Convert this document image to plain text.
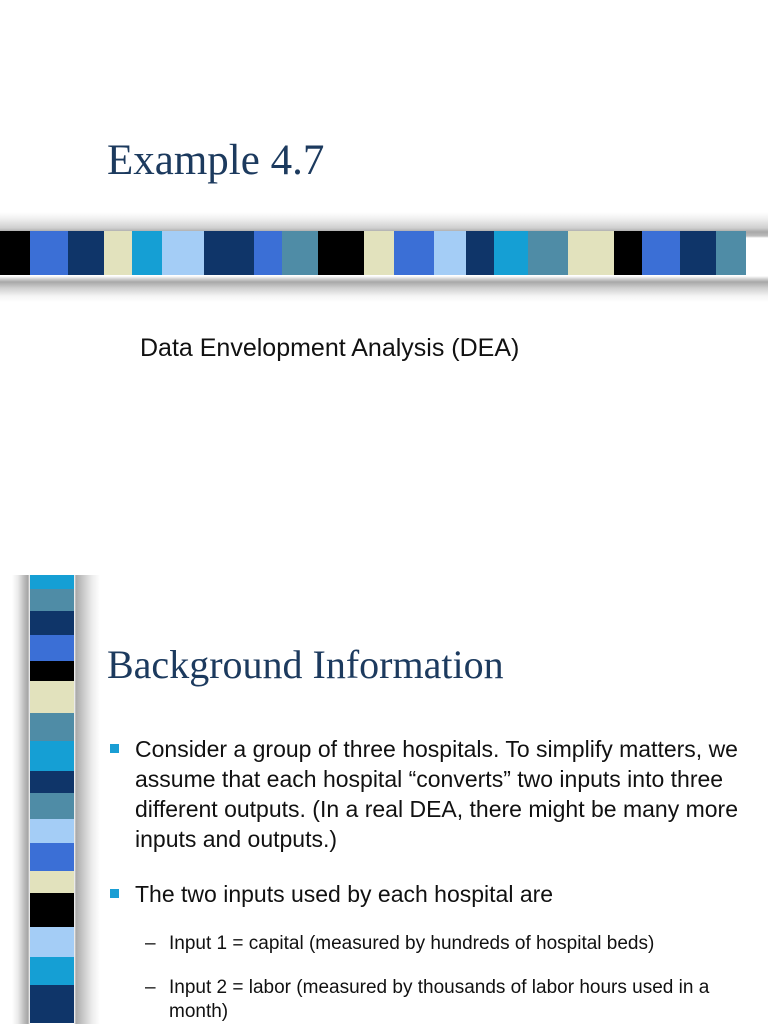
Example 4.7

Data Envelopment Analysis (DEA)

Background Information
Consider a group of three hospitals. To simplify matters, we assume that each hospital “converts” two inputs into three different outputs. (In a real DEA, there might be many more inputs and outputs.)
The two inputs used by each hospital are
– Input 1 = capital (measured by hundreds of hospital beds)
– Input 2 = labor (measured by thousands of labor hours used in a month)
